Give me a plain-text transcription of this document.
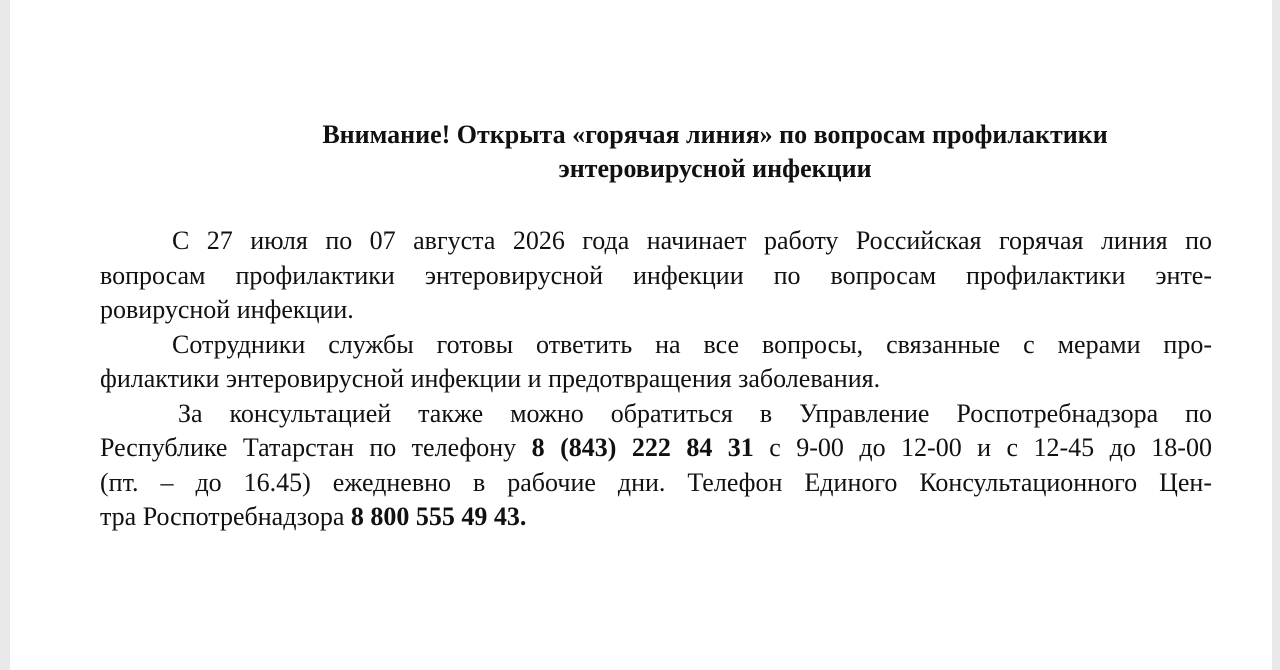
Внимание! Открыта «горячая линия» по вопросам профилактики
энтеровирусной инфекции
С 27 июля по 07 августа 2026 года начинает работу Российская горячая линия по
вопросам профилактики энтеровирусной инфекции по вопросам профилактики энте-
ровирусной инфекции.
Сотрудники службы готовы ответить на все вопросы, связанные с мерами про-
филактики энтеровирусной инфекции и предотвращения заболевания.
За консультацией также можно обратиться в Управление Роспотребнадзора по
Республике Татарстан по телефону 8 (843) 222 84 31 с 9-00 до 12-00 и с 12-45 до 18-00
(пт. – до 16.45) ежедневно в рабочие дни. Телефон Единого Консультационного Цен-
тра Роспотребнадзора 8 800 555 49 43.
